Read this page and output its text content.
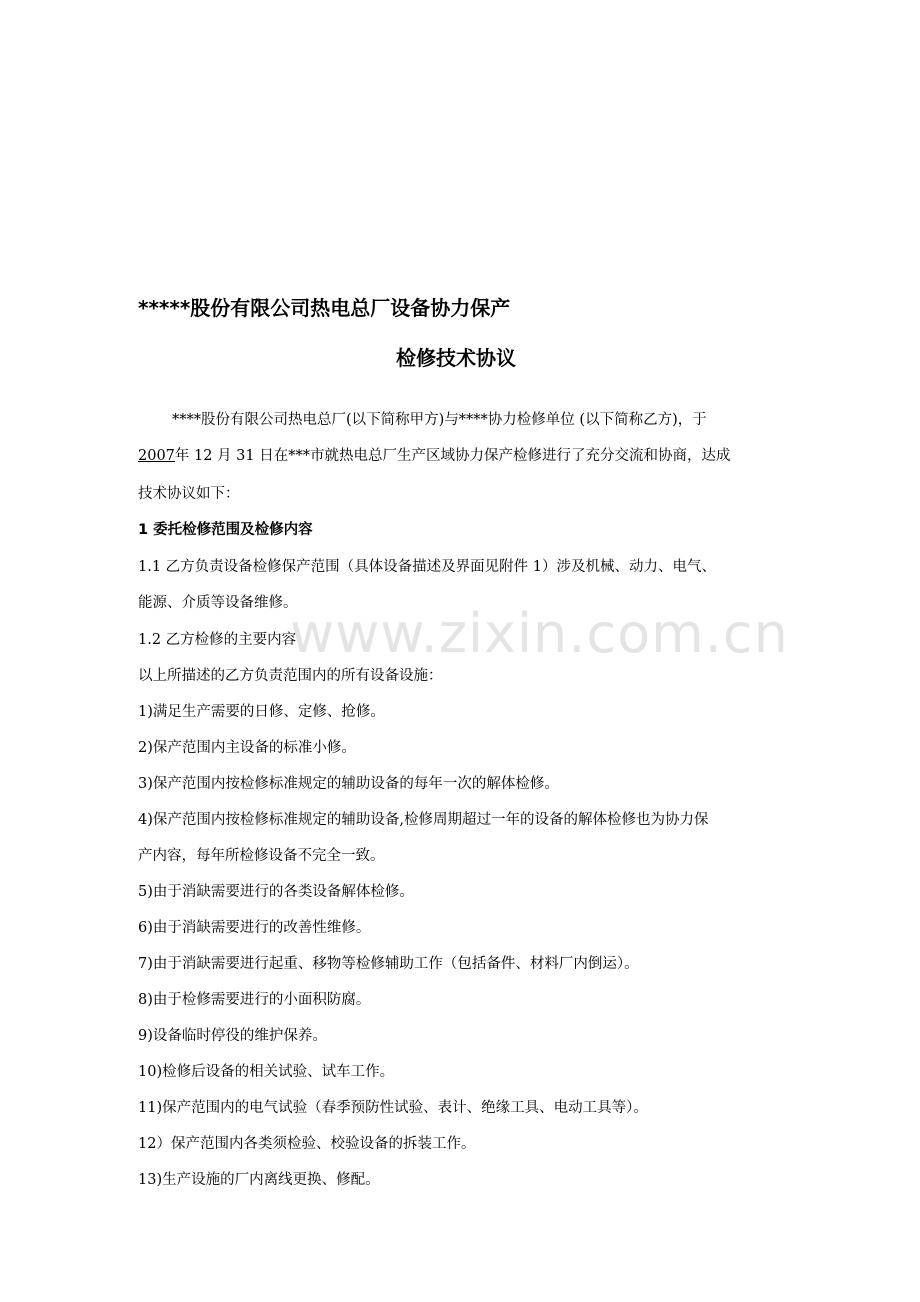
www.zixin.com.cn
*****股份有限公司热电总厂设备协力保产
检修技术协议
****股份有限公司热电总厂(以下简称甲方)与****协力检修单位 (以下简称乙方)，于
2007年 12 月 31 日在***市就热电总厂生产区域协力保产检修进行了充分交流和协商，达成
技术协议如下：
1 委托检修范围及检修内容
1.1 乙方负责设备检修保产范围（具体设备描述及界面见附件 1）涉及机械、动力、电气、
能源、介质等设备维修。
1.2 乙方检修的主要内容
以上所描述的乙方负责范围内的所有设备设施：
1)满足生产需要的日修、定修、抢修。
2)保产范围内主设备的标准小修。
3)保产范围内按检修标准规定的辅助设备的每年一次的解体检修。
4)保产范围内按检修标准规定的辅助设备,检修周期超过一年的设备的解体检修也为协力保
产内容，每年所检修设备不完全一致。
5)由于消缺需要进行的各类设备解体检修。
6)由于消缺需要进行的改善性维修。
7)由于消缺需要进行起重、移物等检修辅助工作（包括备件、材料厂内倒运）。
8)由于检修需要进行的小面积防腐。
9)设备临时停役的维护保养。
10)检修后设备的相关试验、试车工作。
11)保产范围内的电气试验（春季预防性试验、表计、绝缘工具、电动工具等）。
12）保产范围内各类须检验、校验设备的拆装工作。
13)生产设施的厂内离线更换、修配。
